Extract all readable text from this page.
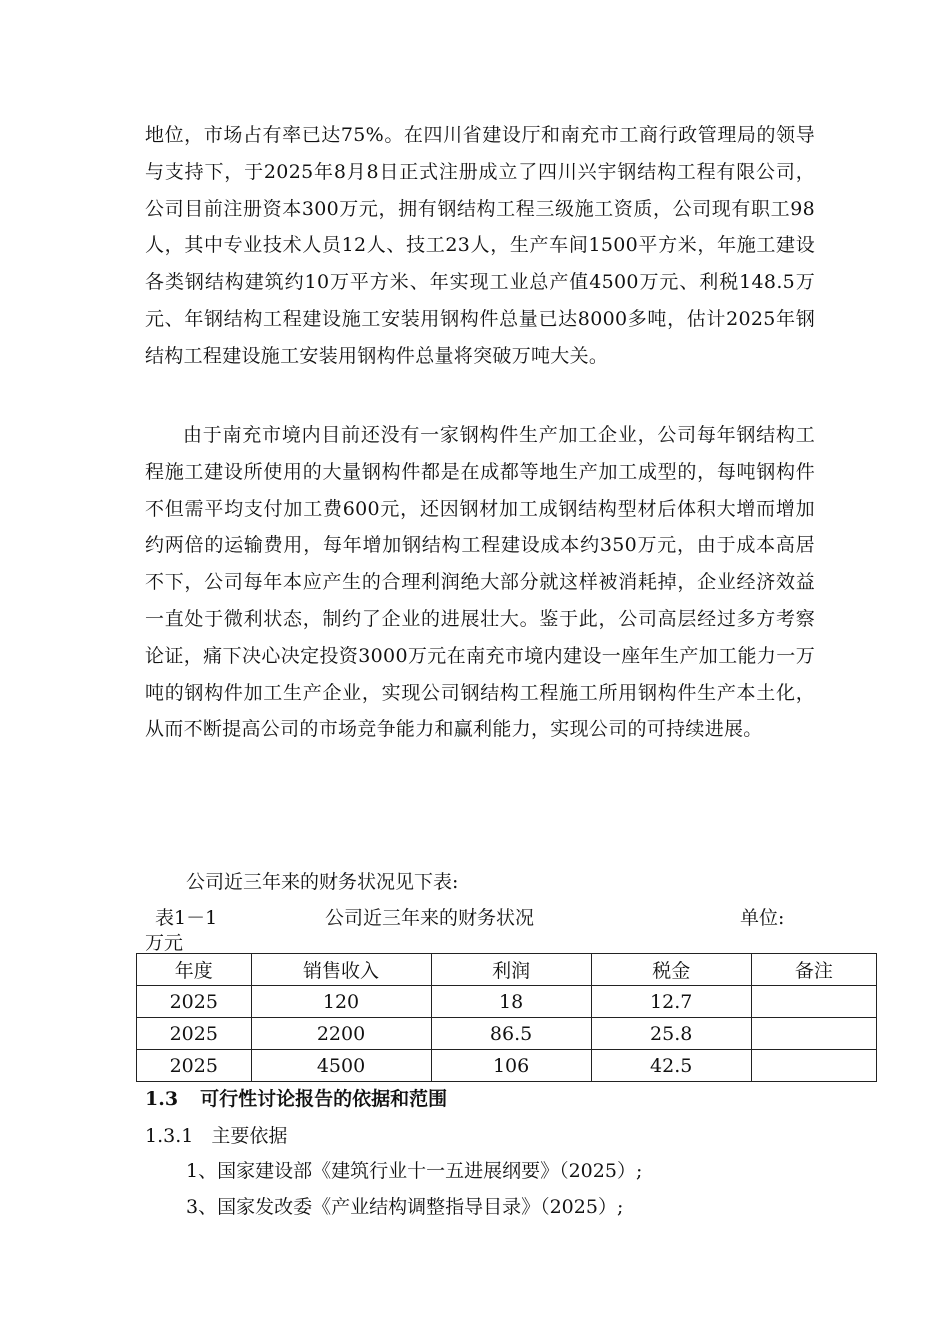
地位，市场占有率已达75%。在四川省建设厅和南充市工商行政管理局的领导与支持下，于2025年8月8日正式注册成立了四川兴宇钢结构工程有限公司，公司目前注册资本300万元，拥有钢结构工程三级施工资质，公司现有职工98人，其中专业技术人员12人、技工23人，生产车间1500平方米，年施工建设各类钢结构建筑约10万平方米、年实现工业总产值4500万元、利税148.5万元、年钢结构工程建设施工安装用钢构件总量已达8000多吨，估计2025年钢结构工程建设施工安装用钢构件总量将突破万吨大关。

由于南充市境内目前还没有一家钢构件生产加工企业，公司每年钢结构工程施工建设所使用的大量钢构件都是在成都等地生产加工成型的，每吨钢构件不但需平均支付加工费600元，还因钢材加工成钢结构型材后体积大增而增加约两倍的运输费用，每年增加钢结构工程建设成本约350万元，由于成本高居不下，公司每年本应产生的合理利润绝大部分就这样被消耗掉，企业经济效益一直处于微利状态，制约了企业的进展壮大。鉴于此，公司高层经过多方考察论证，痛下决心决定投资3000万元在南充市境内建设一座年生产加工能力一万吨的钢构件加工生产企业，实现公司钢结构工程施工所用钢构件生产本土化，从而不断提高公司的市场竞争能力和赢利能力，实现公司的可持续进展。

公司近三年来的财务状况见下表:

表1－1	公司近三年来的财务状况	单位:
万元
年度	销售收入	利润	税金	备注
2025	120	18	12.7	
2025	2200	86.5	25.8	
2025	4500	106	42.5	
1.3 可行性讨论报告的依据和范围
1.3.1 主要依据
1、国家建设部《建筑行业十一五进展纲要》（2025）;
3、国家发改委《产业结构调整指导目录》（2025）;
